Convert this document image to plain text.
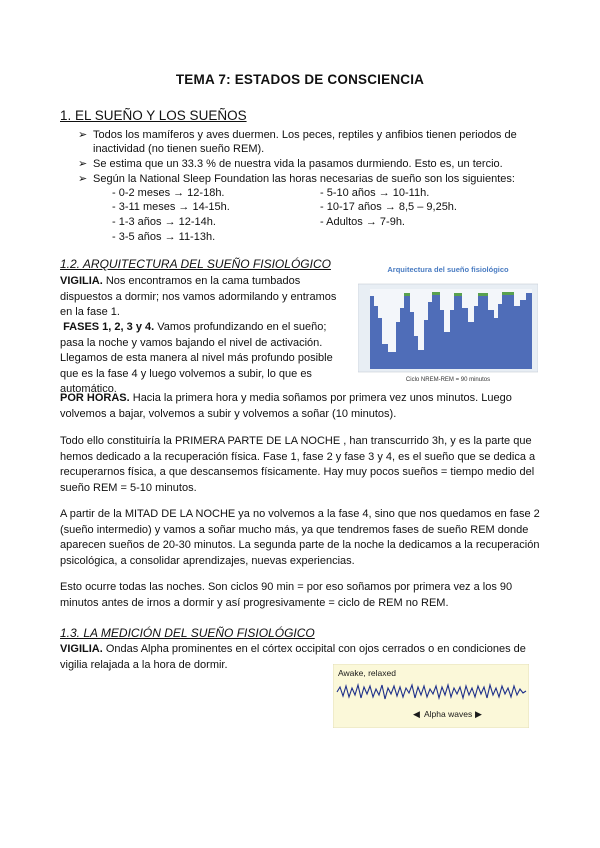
TEMA 7: ESTADOS DE CONSCIENCIA
1. EL SUEÑO Y LOS SUEÑOS
➢ Todos los mamíferos y aves duermen. Los peces, reptiles y anfibios tienen periodos de inactividad (no tienen sueño REM).
➢ Se estima que un 33.3 % de nuestra vida la pasamos durmiendo. Esto es, un tercio.
➢ Según la National Sleep Foundation las horas necesarias de sueño son los siguientes:
- 0-2 meses → 12-18h.
- 3-11 meses → 14-15h.
- 1-3 años → 12-14h.
- 3-5 años → 11-13h.
- 5-10 años → 10-11h.
- 10-17 años → 8,5 – 9,25h.
- Adultos → 7-9h.
1.2. ARQUITECTURA DEL SUEÑO FISIOLÓGICO
VIGILIA. Nos encontramos en la cama tumbados dispuestos a dormir; nos vamos adormilando y entramos en la fase 1.
FASES 1, 2, 3 y 4. Vamos profundizando en el sueño; pasa la noche y vamos bajando el nivel de activación. Llegamos de esta manera al nivel más profundo posible que es la fase 4 y luego volvemos a subir, lo que es automático.
POR HORAS. Hacia la primera hora y media soñamos por primera vez unos minutos. Luego volvemos a bajar, volvemos a subir y volvemos a soñar (10 minutos).
Todo ello constituiría la PRIMERA PARTE DE LA NOCHE , han transcurrido 3h, y es la parte que hemos dedicado a la recuperación física. Fase 1, fase 2 y fase 3 y 4, es el sueño que se dedica a recuperarnos física, a que descansemos físicamente. Hay muy pocos sueños = tiempo medio del sueño REM = 5-10 minutos.
A partir de la MITAD DE LA NOCHE ya no volvemos a la fase 4, sino que nos quedamos en fase 2 (sueño intermedio) y vamos a soñar mucho más, ya que tendremos fases de sueño REM donde aparecen sueños de 20-30 minutos. La segunda parte de la noche la dedicamos a la recuperación psicológica, a consolidar aprendizajes, nuevas experiencias.
Esto ocurre todas las noches. Son ciclos 90 min = por eso soñamos por primera vez a los 90 minutos antes de irnos a dormir y así progresivamente = ciclo de REM no REM.
Arquitectura del sueño fisiológico
Ciclo NREM-REM = 90 minutos
1.3. LA MEDICIÓN DEL SUEÑO FISIOLÓGICO
VIGILIA. Ondas Alpha prominentes en el córtex occipital con ojos cerrados o en condiciones de vigilia relajada a la hora de dormir.
Awake, relaxed
◀ Alpha waves ▶
